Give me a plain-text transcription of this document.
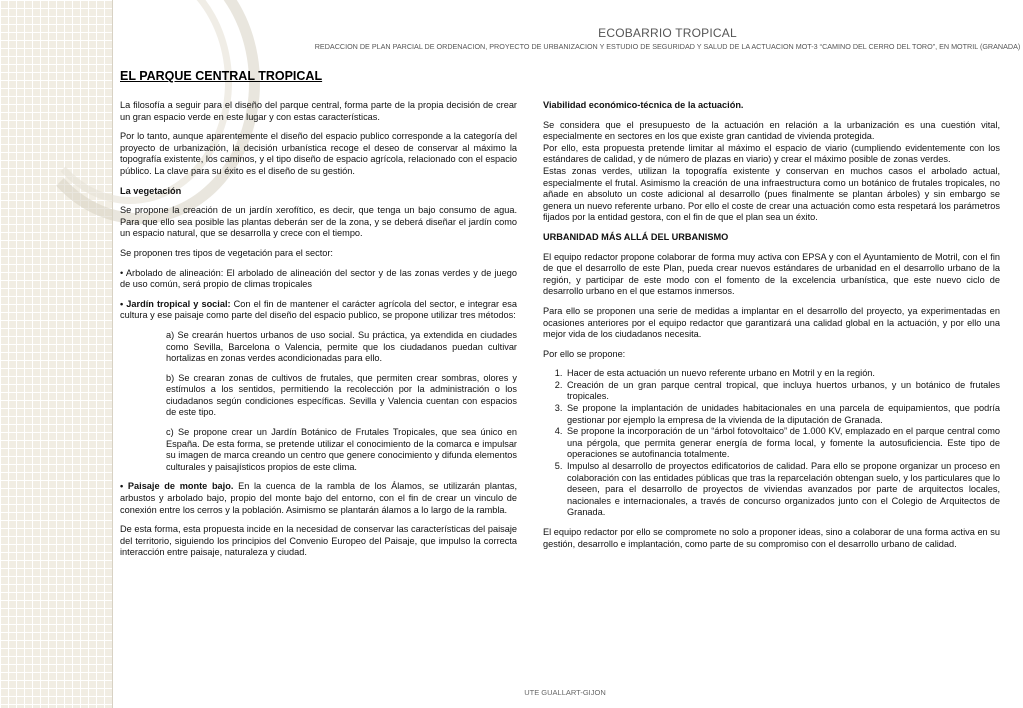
ECOBARRIO TROPICAL

REDACCION DE PLAN PARCIAL DE ORDENACION, PROYECTO DE URBANIZACION Y ESTUDIO DE SEGURIDAD Y SALUD DE LA ACTUACION MOT-3 “CAMINO DEL CERRO DEL TORO”, EN MOTRIL (GRANADA)

EL PARQUE CENTRAL TROPICAL

La filosofía a seguir para el diseño del parque central, forma parte de la propia decisión de crear un gran espacio verde en este lugar y con estas características.

Por lo tanto, aunque aparentemente el diseño del espacio publico corresponde a la categoría del proyecto de urbanización, la decisión urbanística recoge el deseo de conservar al máximo la topografía existente, los caminos, y el tipo diseño de espacio agrícola, relacionado con el espacio público. La clave para su éxito es el diseño de su gestión.

La vegetación

Se propone la creación de un jardín xerofítico, es decir, que tenga un bajo consumo de agua. Para que ello sea posible las plantas deberán ser de la zona, y se deberá diseñar el jardín como un espacio natural, que se desarrolla y crece con el tiempo.

Se proponen tres tipos de vegetación para el sector:

• Arbolado de alineación: El arbolado de alineación del sector y de las zonas verdes y de juego de uso común, será propio de climas tropicales

• Jardín tropical y social: Con el fin de mantener el carácter agrícola del sector, e integrar esa cultura y ese paisaje como parte del diseño del espacio publico, se propone utilizar tres métodos:

a) Se crearán huertos urbanos de uso social. Su práctica, ya extendida en ciudades como Sevilla, Barcelona o Valencia, permite que los ciudadanos puedan cultivar hortalizas en zonas verdes acondicionadas para ello.

b) Se crearan zonas de cultivos de frutales, que permiten crear sombras, olores y estímulos a los sentidos, permitiendo la recolección por la administración o los ciudadanos según condiciones específicas. Sevilla y Valencia cuentan con espacios de este tipo.

c) Se propone crear un Jardín Botánico de Frutales Tropicales, que sea único en España. De esta forma, se pretende utilizar el conocimiento de la comarca e impulsar su imagen de marca creando un centro que genere conocimiento y difunda elementos culturales y paisajísticos propios de este clima.

• Paisaje de monte bajo. En la cuenca de la rambla de los Álamos, se utilizarán plantas, arbustos y arbolado bajo, propio del monte bajo del entorno, con el fin de crear un vinculo de conexión entre los cerros y la población. Asimismo se plantarán álamos a lo largo de la rambla.

De esta forma, esta propuesta incide en la necesidad de conservar las características del paisaje del territorio, siguiendo los principios del Convenio Europeo del Paisaje, que impulso la correcta interacción entre paisaje, naturaleza y ciudad.

Viabilidad económico-técnica de la actuación.

Se considera que el presupuesto de la actuación en relación a la urbanización es una cuestión vital, especialmente en sectores en los que existe gran cantidad de vivienda protegida.
Por ello, esta propuesta pretende limitar al máximo el espacio de viario (cumpliendo evidentemente con los estándares de calidad, y de número de plazas en viario) y crear el máximo posible de zonas verdes.
Estas zonas verdes, utilizan la topografía existente y conservan en muchos casos el arbolado actual, especialmente el frutal. Asimismo la creación de una infraestructura como un botánico de frutales tropicales, no añade en absoluto un coste adicional al desarrollo (pues finalmente se plantan árboles) y sin embargo se genera un nuevo referente urbano. Por ello el coste de crear una actuación como esta respetará los parámetros fijados por la entidad gestora, con el fin de que el plan sea un éxito.

URBANIDAD MÁS ALLÁ DEL URBANISMO

El equipo redactor propone colaborar de forma muy activa con EPSA y con el Ayuntamiento de Motril, con el fin de que el desarrollo de este Plan, pueda crear nuevos estándares de urbanidad en el desarrollo urbano de la región, y participar de este modo con el fomento de la excelencia urbanística, que este nuevo ciclo de desarrollo urbano en el que estamos inmersos.

Para ello se proponen una serie de medidas a implantar en el desarrollo del proyecto, ya experimentadas en ocasiones anteriores por el equipo redactor que garantizará una calidad global en la actuación, y por ello una mejor vida de los ciudadanos necesita.

Por ello se propone:

1. Hacer de esta actuación un nuevo referente urbano en Motril y en la región.
2. Creación de un gran parque central tropical, que incluya huertos urbanos, y un botánico de frutales tropicales.
3. Se propone la implantación de unidades habitacionales en una parcela de equipamientos, que podría gestionar por ejemplo la empresa de la vivienda de la diputación de Granada.
4. Se propone la incorporación de un “árbol fotovoltaico” de 1.000 KV, emplazado en el parque central como una pérgola, que permita generar energía de forma local, y fomente la autosuficiencia. Este tipo de operaciones se autofinancia totalmente.
5. Impulso al desarrollo de proyectos edificatorios de calidad. Para ello se propone organizar un proceso en colaboración con las entidades públicas que tras la reparcelación obtengan suelo, y los particulares que lo deseen, para el desarrollo de proyectos de viviendas avanzados por parte de arquitectos locales, nacionales e internacionales, a través de concurso organizados junto con el Colegio de Arquitectos de Granada.

El equipo redactor por ello se compromete no solo a proponer ideas, sino a colaborar de una forma activa en su gestión, desarrollo e implantación, como parte de su compromiso con el desarrollo urbano de calidad.

UTE GUALLART-GIJON
